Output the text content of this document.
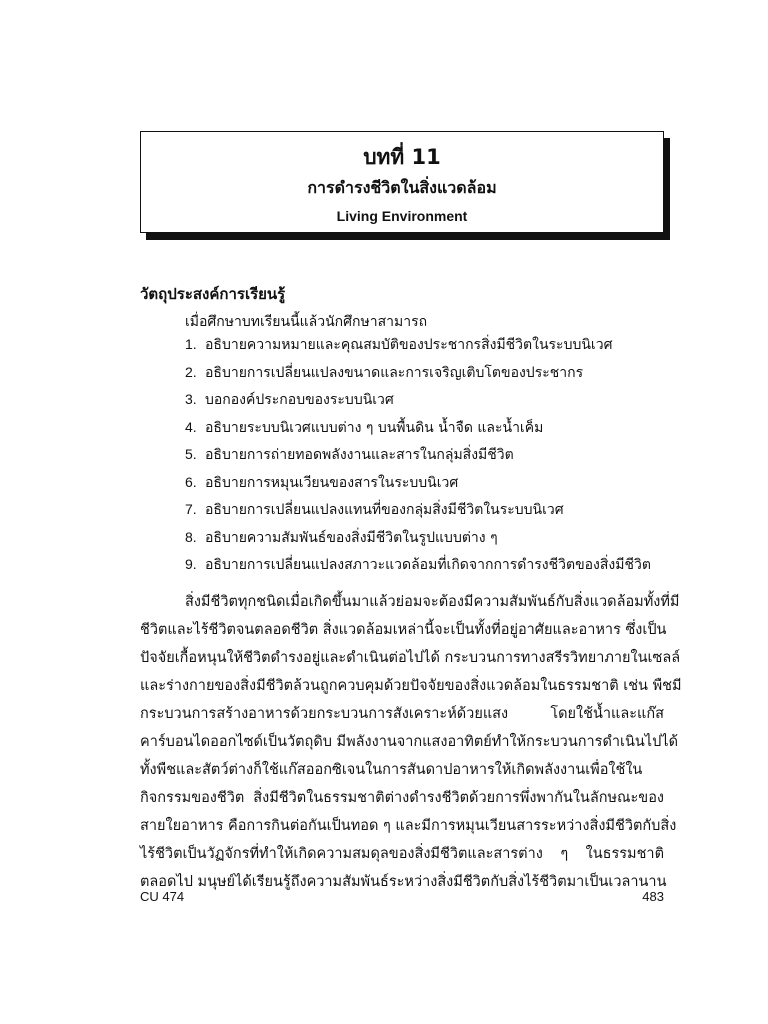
บทที่ 11
การดำรงชีวิตในสิ่งแวดล้อม
Living Environment
วัตถุประสงค์การเรียนรู้
เมื่อศึกษาบทเรียนนี้แล้วนักศึกษาสามารถ
1. อธิบายความหมายและคุณสมบัติของประชากรสิ่งมีชีวิตในระบบนิเวศ
2. อธิบายการเปลี่ยนแปลงขนาดและการเจริญเติบโตของประชากร
3. บอกองค์ประกอบของระบบนิเวศ
4. อธิบายระบบนิเวศแบบต่าง ๆ บนพื้นดิน น้ำจืด และน้ำเค็ม
5. อธิบายการถ่ายทอดพลังงานและสารในกลุ่มสิ่งมีชีวิต
6. อธิบายการหมุนเวียนของสารในระบบนิเวศ
7. อธิบายการเปลี่ยนแปลงแทนที่ของกลุ่มสิ่งมีชีวิตในระบบนิเวศ
8. อธิบายความสัมพันธ์ของสิ่งมีชีวิตในรูปแบบต่าง ๆ
9. อธิบายการเปลี่ยนแปลงสภาวะแวดล้อมที่เกิดจากการดำรงชีวิตของสิ่งมีชีวิต

สิ่งมีชีวิตทุกชนิดเมื่อเกิดขึ้นมาแล้วย่อมจะต้องมีความสัมพันธ์กับสิ่งแวดล้อมทั้งที่มี
ชีวิตและไร้ชีวิตจนตลอดชีวิต สิ่งแวดล้อมเหล่านี้จะเป็นทั้งที่อยู่อาศัยและอาหาร ซึ่งเป็น
ปัจจัยเกื้อหนุนให้ชีวิตดำรงอยู่และดำเนินต่อไปได้ กระบวนการทางสรีรวิทยาภายในเซลล์
และร่างกายของสิ่งมีชีวิตล้วนถูกควบคุมด้วยปัจจัยของสิ่งแวดล้อมในธรรมชาติ เช่น พืชมี
กระบวนการสร้างอาหารด้วยกระบวนการสังเคราะห์ด้วยแสง โดยใช้น้ำและแก๊ส
คาร์บอนไดออกไซด์เป็นวัตถุดิบ มีพลังงานจากแสงอาทิตย์ทำให้กระบวนการดำเนินไปได้
ทั้งพืชและสัตว์ต่างก็ใช้แก๊สออกซิเจนในการสันดาปอาหารให้เกิดพลังงานเพื่อใช้ใน
กิจกรรมของชีวิต สิ่งมีชีวิตในธรรมชาติต่างดำรงชีวิตด้วยการพึ่งพากันในลักษณะของ
สายใยอาหาร คือการกินต่อกันเป็นทอด ๆ และมีการหมุนเวียนสารระหว่างสิ่งมีชีวิตกับสิ่ง
ไร้ชีวิตเป็นวัฏจักรที่ทำให้เกิดความสมดุลของสิ่งมีชีวิตและสารต่าง ๆ ในธรรมชาติ
ตลอดไป มนุษย์ได้เรียนรู้ถึงความสัมพันธ์ระหว่างสิ่งมีชีวิตกับสิ่งไร้ชีวิตมาเป็นเวลานาน

CU 474	483
